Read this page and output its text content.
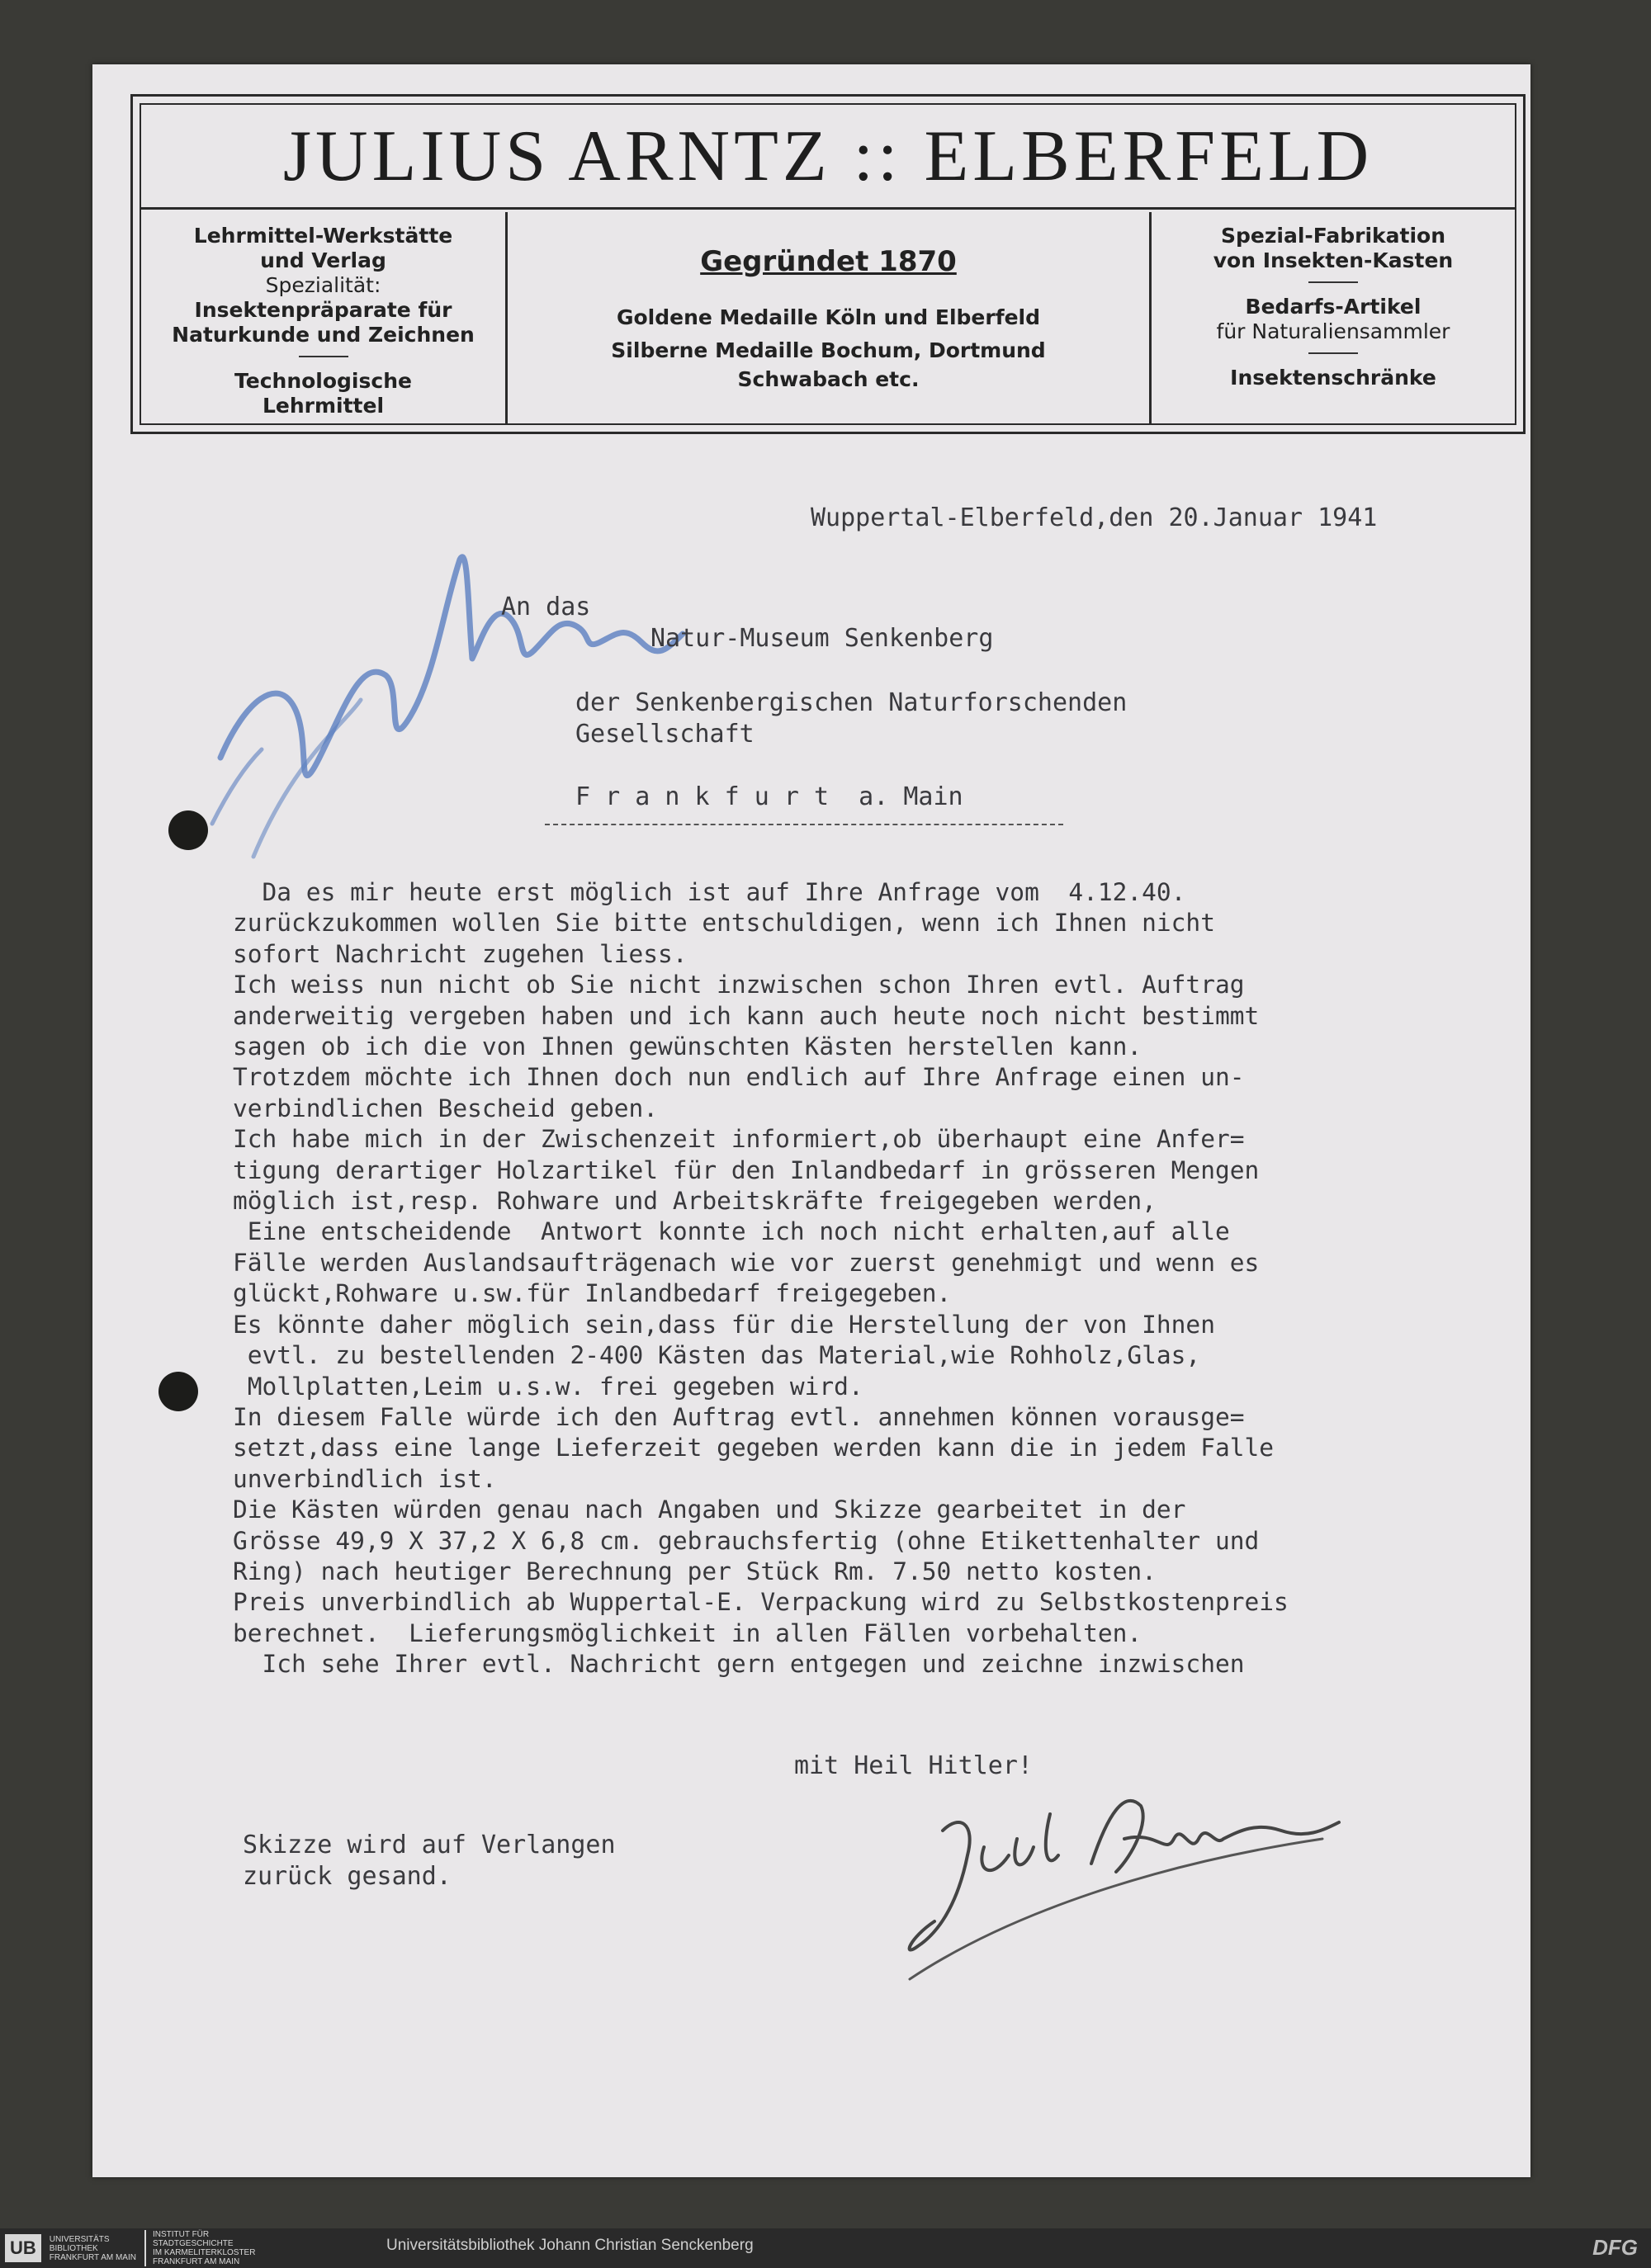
JULIUS ARNTZ :: ELBERFELD
Lehrmittel-Werkstätte
und Verlag
Spezialität:
Insektenpräparate für
Naturkunde und Zeichnen
Technologische
Lehrmittel
Gegründet 1870
Goldene Medaille Köln und Elberfeld
Silberne Medaille Bochum, Dortmund
Schwabach etc.
Spezial-Fabrikation
von Insekten-Kasten
Bedarfs-Artikel
für Naturaliensammler
Insektenschränke
Wuppertal-Elberfeld,den 20.Januar 1941
An das
Natur-Museum Senkenberg
der Senkenbergischen Naturforschenden
Gesellschaft
F r a n k f u r t  a. Main
Da es mir heute erst möglich ist auf Ihre Anfrage vom  4.12.40.
zurückzukommen wollen Sie bitte entschuldigen, wenn ich Ihnen nicht
sofort Nachricht zugehen liess.
Ich weiss nun nicht ob Sie nicht inzwischen schon Ihren evtl. Auftrag
anderweitig vergeben haben und ich kann auch heute noch nicht bestimmt
sagen ob ich die von Ihnen gewünschten Kästen herstellen kann.
Trotzdem möchte ich Ihnen doch nun endlich auf Ihre Anfrage einen un-
verbindlichen Bescheid geben.
Ich habe mich in der Zwischenzeit informiert,ob überhaupt eine Anfer=
tigung derartiger Holzartikel für den Inlandbedarf in grösseren Mengen
möglich ist,resp. Rohware und Arbeitskräfte freigegeben werden,
Eine entscheidende  Antwort konnte ich noch nicht erhalten,auf alle
Fälle werden Auslandsaufträgenach wie vor zuerst genehmigt und wenn es
glückt,Rohware u.sw.für Inlandbedarf freigegeben.
Es könnte daher möglich sein,dass für die Herstellung der von Ihnen
evtl. zu bestellenden 2-400 Kästen das Material,wie Rohholz,Glas,
Mollplatten,Leim u.s.w. frei gegeben wird.
In diesem Falle würde ich den Auftrag evtl. annehmen können vorausge=
setzt,dass eine lange Lieferzeit gegeben werden kann die in jedem Falle
unverbindlich ist.
Die Kästen würden genau nach Angaben und Skizze gearbeitet in der
Grösse 49,9 X 37,2 X 6,8 cm. gebrauchsfertig (ohne Etikettenhalter und
Ring) nach heutiger Berechnung per Stück Rm. 7.50 netto kosten.
Preis unverbindlich ab Wuppertal-E. Verpackung wird zu Selbstkostenpreis
berechnet.  Lieferungsmöglichkeit in allen Fällen vorbehalten.
Ich sehe Ihrer evtl. Nachricht gern entgegen und zeichne inzwischen
mit Heil Hitler!
Skizze wird auf Verlangen
zurück gesand.
UB	UNIVERSITÄTS
BIBLIOTHEK
FRANKFURT AM MAIN
INSTITUT FÜR
STADTGESCHICHTE
IM KARMELITERKLOSTER
FRANKFURT AM MAIN
Universitätsbibliothek Johann Christian Senckenberg	DFG
